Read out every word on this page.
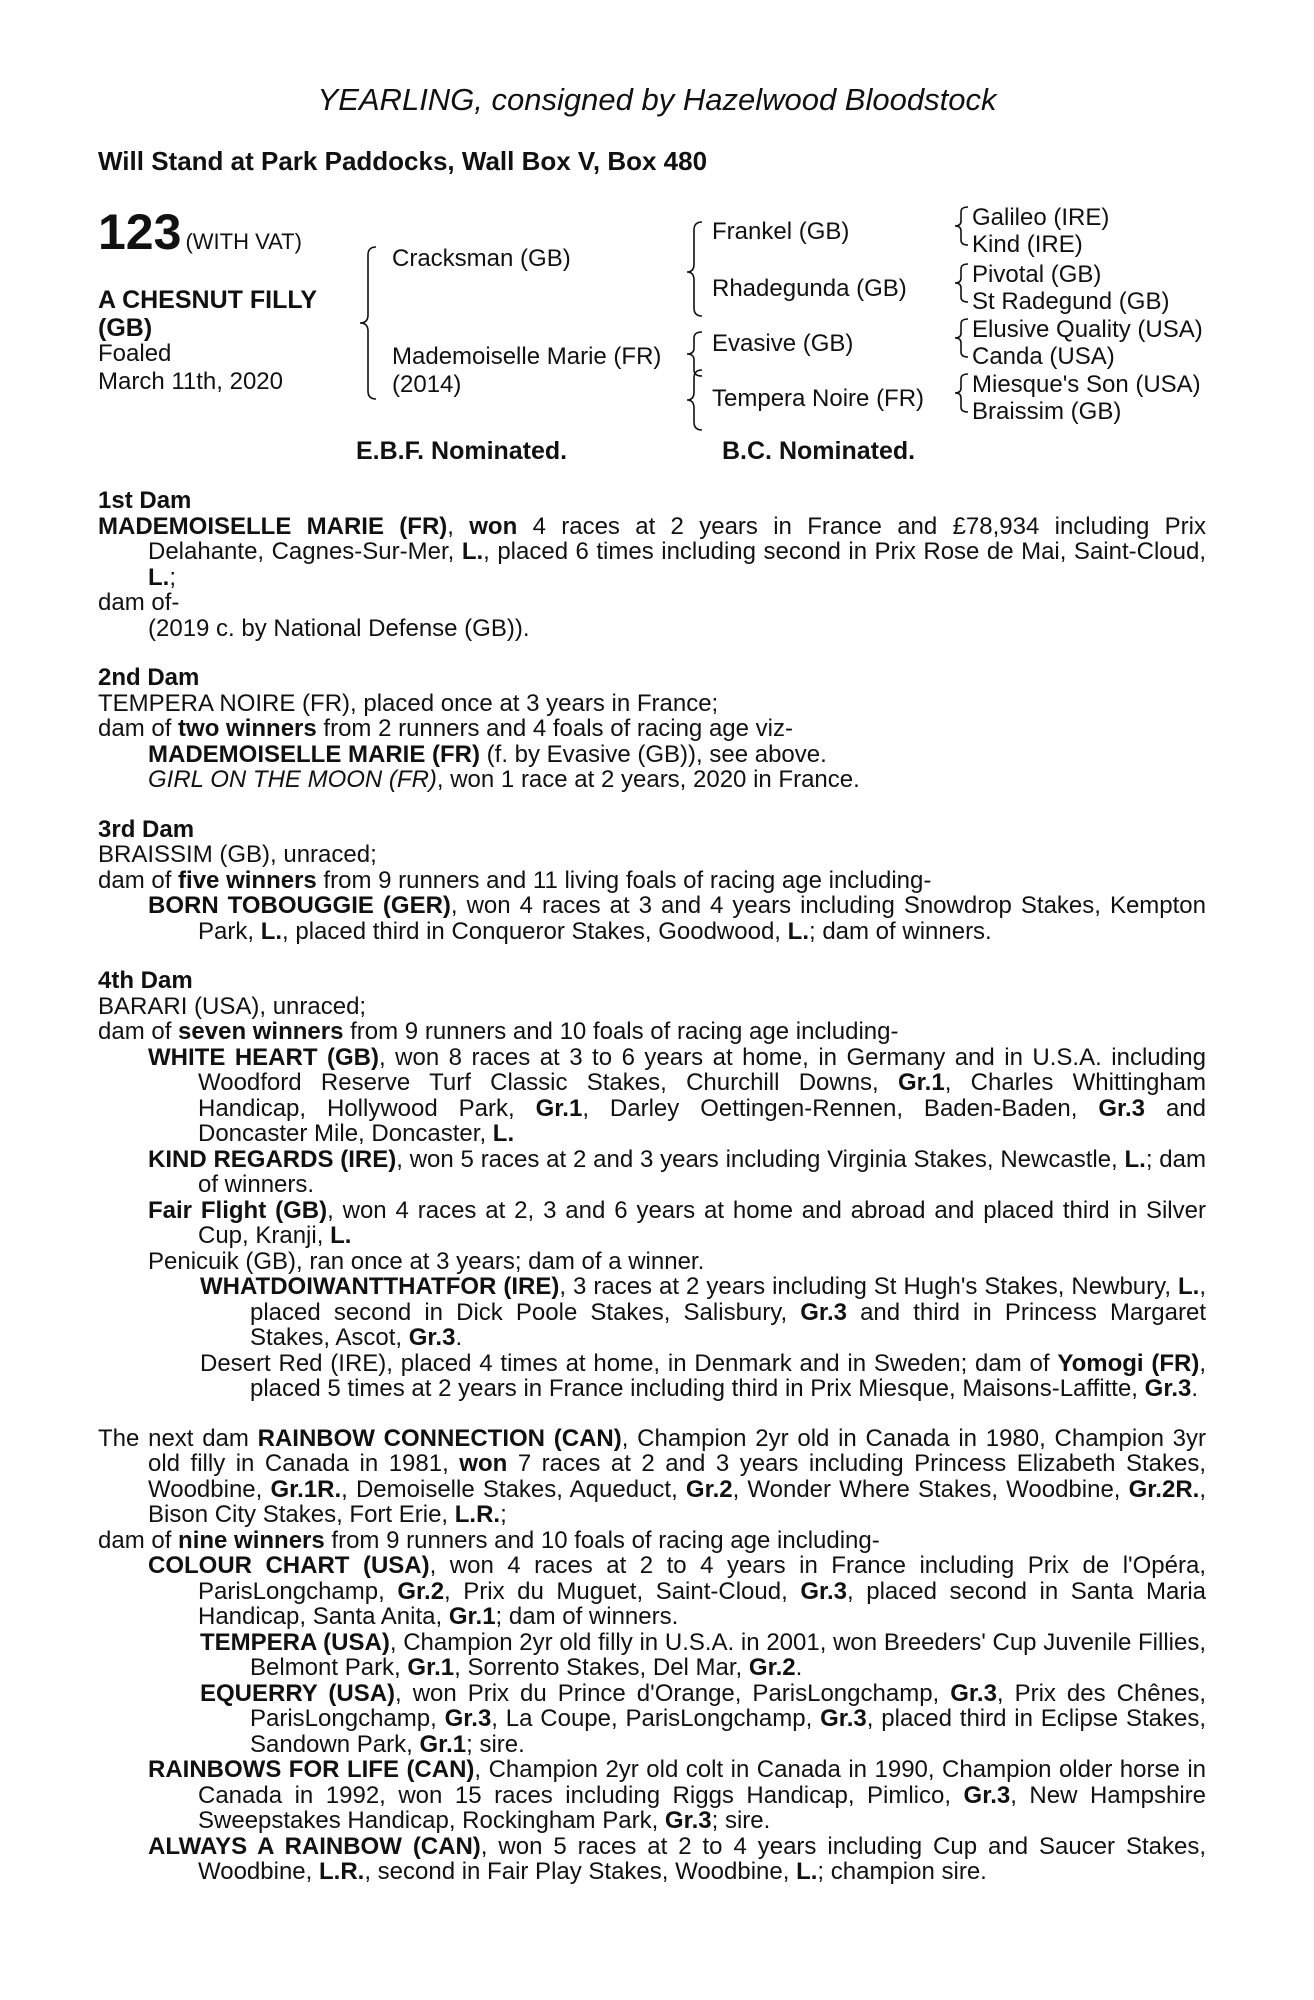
YEARLING, consigned by Hazelwood Bloodstock
Will Stand at Park Paddocks, Wall Box V, Box 480
123 (WITH VAT)
A CHESNUT FILLY
(GB)
Foaled
March 11th, 2020
Cracksman (GB)
Mademoiselle Marie (FR)
(2014)
Frankel (GB)
Rhadegunda (GB)
Evasive (GB)
Tempera Noire (FR)
Galileo (IRE)
Kind (IRE)
Pivotal (GB)
St Radegund (GB)
Elusive Quality (USA)
Canda (USA)
Miesque's Son (USA)
Braissim (GB)
E.B.F. Nominated.	B.C. Nominated.

1st Dam

MADEMOISELLE MARIE (FR), won 4 races at 2 years in France and £78,934 including Prix Delahante, Cagnes-Sur-Mer, L., placed 6 times including second in Prix Rose de Mai, Saint-Cloud, L.;

dam of-

(2019 c. by National Defense (GB)).

2nd Dam

TEMPERA NOIRE (FR), placed once at 3 years in France;

dam of two winners from 2 runners and 4 foals of racing age viz-

MADEMOISELLE MARIE (FR) (f. by Evasive (GB)), see above.

GIRL ON THE MOON (FR), won 1 race at 2 years, 2020 in France.

3rd Dam

BRAISSIM (GB), unraced;

dam of five winners from 9 runners and 11 living foals of racing age including-

BORN TOBOUGGIE (GER), won 4 races at 3 and 4 years including Snowdrop Stakes, Kempton Park, L., placed third in Conqueror Stakes, Goodwood, L.; dam of winners.

4th Dam

BARARI (USA), unraced;

dam of seven winners from 9 runners and 10 foals of racing age including-

WHITE HEART (GB), won 8 races at 3 to 6 years at home, in Germany and in U.S.A. including Woodford Reserve Turf Classic Stakes, Churchill Downs, Gr.1, Charles Whittingham Handicap, Hollywood Park, Gr.1, Darley Oettingen-Rennen, Baden-Baden, Gr.3 and Doncaster Mile, Doncaster, L.

KIND REGARDS (IRE), won 5 races at 2 and 3 years including Virginia Stakes, Newcastle, L.; dam of winners.

Fair Flight (GB), won 4 races at 2, 3 and 6 years at home and abroad and placed third in Silver Cup, Kranji, L.

Penicuik (GB), ran once at 3 years; dam of a winner.

WHATDOIWANTTHATFOR (IRE), 3 races at 2 years including St Hugh's Stakes, Newbury, L., placed second in Dick Poole Stakes, Salisbury, Gr.3 and third in Princess Margaret Stakes, Ascot, Gr.3.

Desert Red (IRE), placed 4 times at home, in Denmark and in Sweden; dam of Yomogi (FR), placed 5 times at 2 years in France including third in Prix Miesque, Maisons-Laffitte, Gr.3.

The next dam RAINBOW CONNECTION (CAN), Champion 2yr old in Canada in 1980, Champion 3yr old filly in Canada in 1981, won 7 races at 2 and 3 years including Princess Elizabeth Stakes, Woodbine, Gr.1R., Demoiselle Stakes, Aqueduct, Gr.2, Wonder Where Stakes, Woodbine, Gr.2R., Bison City Stakes, Fort Erie, L.R.;

dam of nine winners from 9 runners and 10 foals of racing age including-

COLOUR CHART (USA), won 4 races at 2 to 4 years in France including Prix de l'Opéra, ParisLongchamp, Gr.2, Prix du Muguet, Saint-Cloud, Gr.3, placed second in Santa Maria Handicap, Santa Anita, Gr.1; dam of winners.

TEMPERA (USA), Champion 2yr old filly in U.S.A. in 2001, won Breeders' Cup Juvenile Fillies, Belmont Park, Gr.1, Sorrento Stakes, Del Mar, Gr.2.

EQUERRY (USA), won Prix du Prince d'Orange, ParisLongchamp, Gr.3, Prix des Chênes, ParisLongchamp, Gr.3, La Coupe, ParisLongchamp, Gr.3, placed third in Eclipse Stakes, Sandown Park, Gr.1; sire.

RAINBOWS FOR LIFE (CAN), Champion 2yr old colt in Canada in 1990, Champion older horse in Canada in 1992, won 15 races including Riggs Handicap, Pimlico, Gr.3, New Hampshire Sweepstakes Handicap, Rockingham Park, Gr.3; sire.

ALWAYS A RAINBOW (CAN), won 5 races at 2 to 4 years including Cup and Saucer Stakes, Woodbine, L.R., second in Fair Play Stakes, Woodbine, L.; champion sire.
